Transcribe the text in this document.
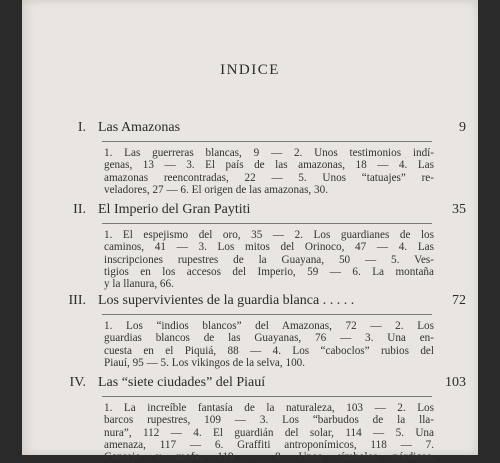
INDICE
I. Las Amazonas	9
1. Las guerreras blancas, 9 — 2. Unos testimonios indí-
genas, 13 — 3. El país de las amazonas, 18 — 4. Las
amazonas reencontradas, 22 — 5. Unos “tatuajes” re-
veladores, 27 — 6. El origen de las amazonas, 30.
II. El Imperio del Gran Paytiti	35
1. El espejismo del oro, 35 — 2. Los guardianes de los
caminos, 41 — 3. Los mitos del Orinoco, 47 — 4. Las
inscripciones rupestres de la Guayana, 50 — 5. Ves-
tigios en los accesos del Imperio, 59 — 6. La montaña
y la llanura, 66.
III. Los supervivientes de la guardia blanca . . . . .	72
1. Los “indios blancos” del Amazonas, 72 — 2. Los
guardias blancos de las Guayanas, 76 — 3. Una en-
cuesta en el Piquiá, 88 — 4. Los “caboclos” rubios del
Piauí, 95 — 5. Los vikingos de la selva, 100.
IV. Las “siete ciudades” del Piauí	103
1. La increíble fantasía de la naturaleza, 103 — 2. Los
barcos rupestres, 109 — 3. Los “barbudos de la lla-
nura”, 112 — 4. El guardián del solar, 114 — 5. Una
amenaza, 117 — 6. Graffiti antroponímicos, 118 — 7.
Consejo y mofa, 119 — 8. Unos símbolos nórdicos,
